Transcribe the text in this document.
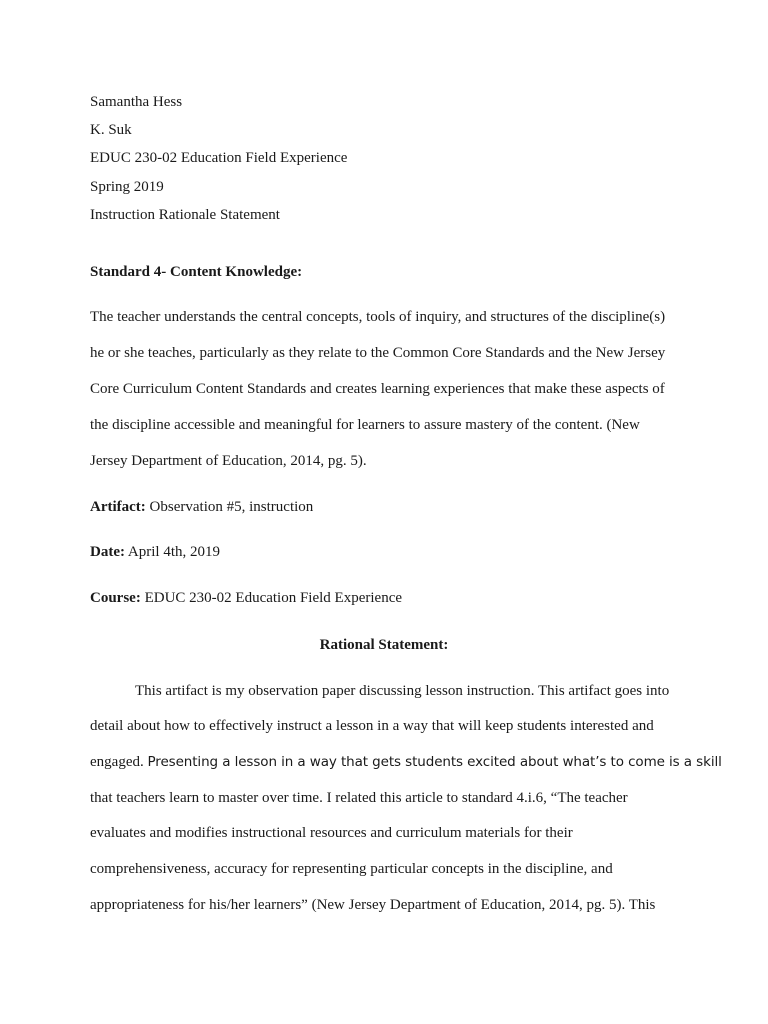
Samantha Hess
K. Suk
EDUC 230-02 Education Field Experience
Spring 2019
Instruction Rationale Statement
Standard 4- Content Knowledge:
The teacher understands the central concepts, tools of inquiry, and structures of the discipline(s)
he or she teaches, particularly as they relate to the Common Core Standards and the New Jersey
Core Curriculum Content Standards and creates learning experiences that make these aspects of
the discipline accessible and meaningful for learners to assure mastery of the content. (New
Jersey Department of Education, 2014, pg. 5).
Artifact: Observation #5, instruction
Date: April 4th, 2019
Course: EDUC 230-02 Education Field Experience
Rational Statement:
This artifact is my observation paper discussing lesson instruction. This artifact goes into
detail about how to effectively instruct a lesson in a way that will keep students interested and
engaged. Presenting a lesson in a way that gets students excited about what’s to come is a skill
that teachers learn to master over time. I related this article to standard 4.i.6, “The teacher
evaluates and modifies instructional resources and curriculum materials for their
comprehensiveness, accuracy for representing particular concepts in the discipline, and
appropriateness for his/her learners” (New Jersey Department of Education, 2014, pg. 5). This
